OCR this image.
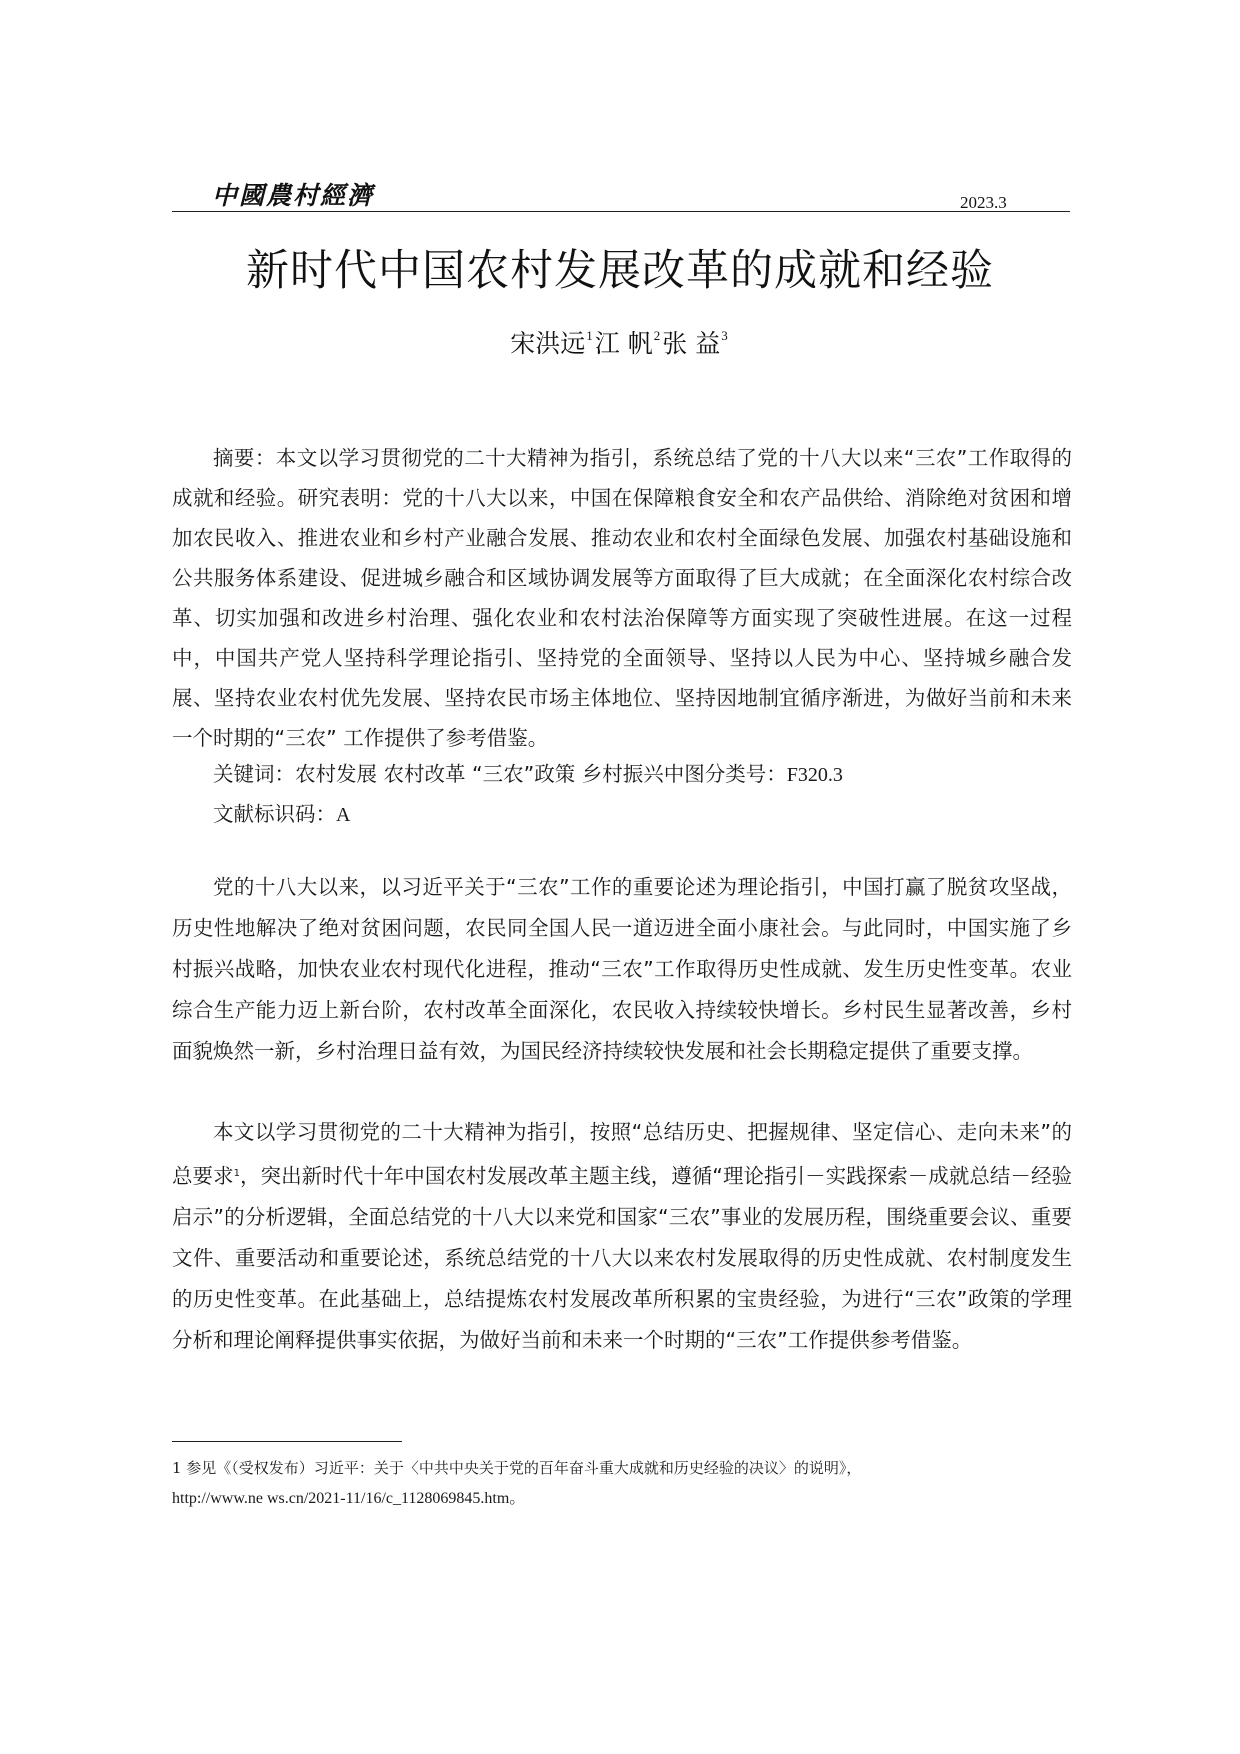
中國農村經濟	2023.3
新时代中国农村发展改革的成就和经验
宋洪远$^1$江 帆$^2$张 益$^3$

摘要：本文以学习贯彻党的二十大精神为指引，系统总结了党的十八大以来“三农”工作取得的成就和经验。研究表明：党的十八大以来，中国在保障粮食安全和农产品供给、消除绝对贫困和增加农民收入、推进农业和乡村产业融合发展、推动农业和农村全面绿色发展、加强农村基础设施和公共服务体系建设、促进城乡融合和区域协调发展等方面取得了巨大成就；在全面深化农村综合改革、切实加强和改进乡村治理、强化农业和农村法治保障等方面实现了突破性进展。在这一过程中，中国共产党人坚持科学理论指引、坚持党的全面领导、坚持以人民为中心、坚持城乡融合发展、坚持农业农村优先发展、坚持农民市场主体地位、坚持因地制宜循序渐进，为做好当前和未来一个时期的“三农” 工作提供了参考借鉴。

关键词：农村发展 农村改革 “三农”政策 乡村振兴中图分类号：F320.3

文献标识码：A

党的十八大以来，以习近平关于“三农”工作的重要论述为理论指引，中国打赢了脱贫攻坚战，历史性地解决了绝对贫困问题，农民同全国人民一道迈进全面小康社会。与此同时，中国实施了乡村振兴战略，加快农业农村现代化进程，推动“三农”工作取得历史性成就、发生历史性变革。农业综合生产能力迈上新台阶，农村改革全面深化，农民收入持续较快增长。乡村民生显著改善，乡村面貌焕然一新，乡村治理日益有效，为国民经济持续较快发展和社会长期稳定提供了重要支撑。

本文以学习贯彻党的二十大精神为指引，按照“总结历史、把握规律、坚定信心、走向未来”的总要求$^1$，突出新时代十年中国农村发展改革主题主线，遵循“理论指引－实践探索－成就总结－经验启示”的分析逻辑，全面总结党的十八大以来党和国家“三农”事业的发展历程，围绕重要会议、重要文件、重要活动和重要论述，系统总结党的十八大以来农村发展取得的历史性成就、农村制度发生的历史性变革。在此基础上，总结提炼农村发展改革所积累的宝贵经验，为进行“三农”政策的学理分析和理论阐释提供事实依据，为做好当前和未来一个时期的“三农”工作提供参考借鉴。

1 参见《（受权发布）习近平：关于〈中共中央关于党的百年奋斗重大成就和历史经验的决议〉的说明》，
http://www.ne ws.cn/2021-11/16/c_1128069845.htm。
